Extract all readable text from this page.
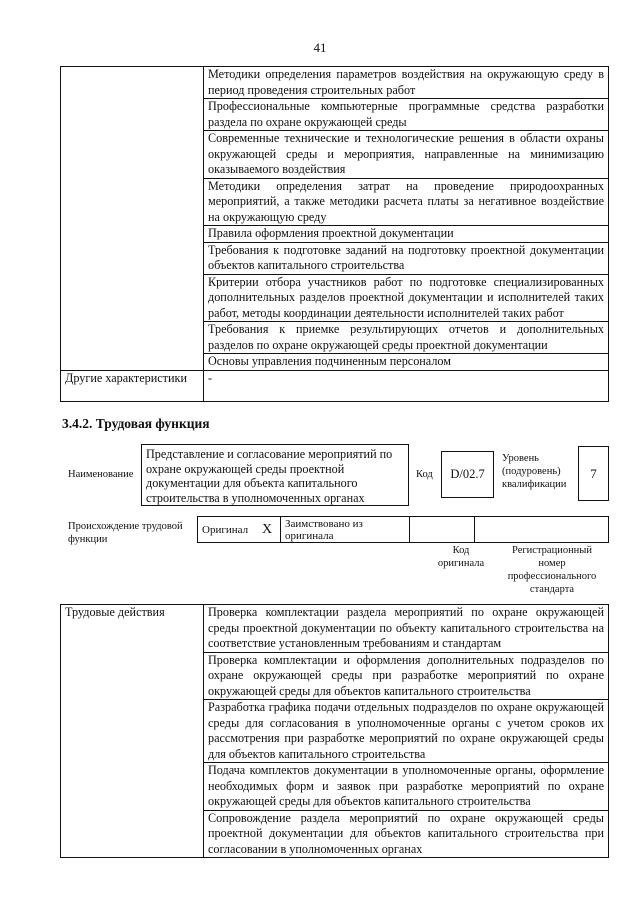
41
	Методики определения параметров воздействия на окружающую среду в период проведения строительных работ
	Профессиональные компьютерные программные средства разработки раздела по охране окружающей среды
	Современные технические и технологические решения в области охраны окружающей среды и мероприятия, направленные на минимизацию оказываемого воздействия
	Методики определения затрат на проведение природоохранных мероприятий, а также методики расчета платы за негативное воздействие на окружающую среду
	Правила оформления проектной документации
	Требования к подготовке заданий на подготовку проектной документации объектов капитального строительства
	Критерии отбора участников работ по подготовке специализированных дополнительных разделов проектной документации и исполнителей таких работ, методы координации деятельности исполнителей таких работ
	Требования к приемке результирующих отчетов и дополнительных разделов по охране окружающей среды проектной документации
	Основы управления подчиненным персоналом
Другие характеристики	-
3.4.2. Трудовая функция
Наименование
Представление и согласование мероприятий по охране окружающей среды проектной документации для объекта капитального строительства в уполномоченных органах
Код	D/02.7
Уровень (подуровень) квалификации
7
Происхождение трудовой функции
Оригинал	X	Заимствовано из оригинала		
Код оригинала
Регистрационный номер профессионального стандарта
Трудовые действия	Проверка комплектации раздела мероприятий по охране окружающей среды проектной документации по объекту капитального строительства на соответствие установленным требованиям и стандартам
Проверка комплектации и оформления дополнительных подразделов по охране окружающей среды при разработке мероприятий по охране окружающей среды для объектов капитального строительства
Разработка графика подачи отдельных подразделов по охране окружающей среды для согласования в уполномоченные органы с учетом сроков их рассмотрения при разработке мероприятий по охране окружающей среды для объектов капитального строительства
Подача комплектов документации в уполномоченные органы, оформление необходимых форм и заявок при разработке мероприятий по охране окружающей среды для объектов капитального строительства
Сопровождение раздела мероприятий по охране окружающей среды проектной документации для объектов капитального строительства при согласовании в уполномоченных органах
